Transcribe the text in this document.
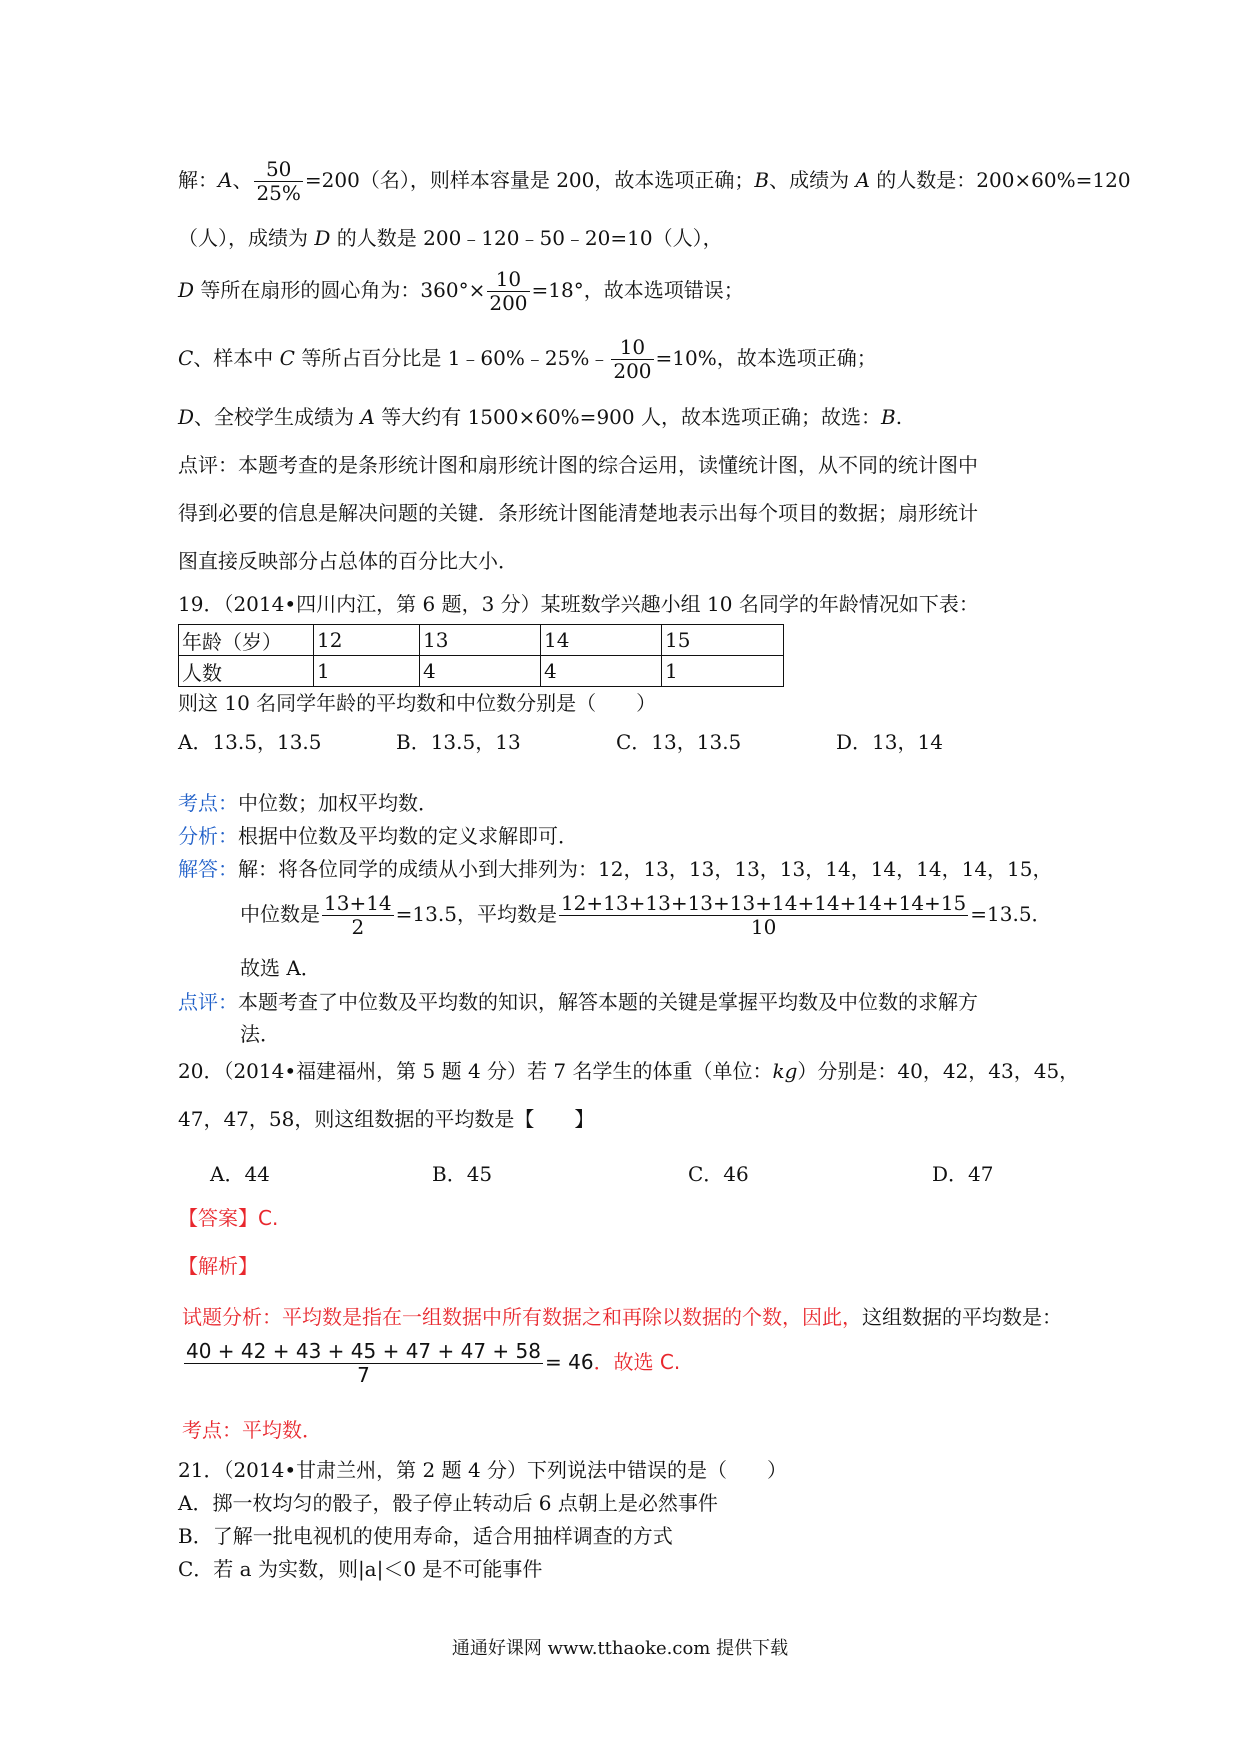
解：A、 $\frac{50}{25\%} =200$（名），则样本容量是 200，故本选项正确；B、成绩为 A 的人数是：200×60%=120
（人），成绩为 D 的人数是 200﹣120﹣50﹣20=10（人），
D 等所在扇形的圆心角为：$360^\circ\times \frac{10}{200} =18^\circ$，故本选项错误；
C、样本中 C 等所占百分比是 1﹣60%﹣25%﹣ $\frac{10}{200} =10\%$，故本选项正确；
D、全校学生成绩为 A 等大约有 1500×60%=900 人，故本选项正确；故选：B.
点评：本题考查的是条形统计图和扇形统计图的综合运用，读懂统计图，从不同的统计图中
得到必要的信息是解决问题的关键．条形统计图能清楚地表示出每个项目的数据；扇形统计
图直接反映部分占总体的百分比大小．
19．（2014•四川内江，第 6 题，3 分）某班数学兴趣小组 10 名同学的年龄情况如下表：
年龄（岁）	12	13	14	15
人数	1	4	4	1
则这 10 名同学年龄的平均数和中位数分别是（　　）
A．13.5，13.5	B．13.5，13	C．13，13.5	D．13，14
考点：中位数；加权平均数．
分析：根据中位数及平均数的定义求解即可．
解答：解：将各位同学的成绩从小到大排列为：12，13，13，13，13，14，14，14，14，15，
中位数是 $\frac{13+14}{2} =13.5$，平均数是 $\frac{12+13+13+13+13+14+14+14+14+15}{10} =13.5$．
故选 A．
点评：本题考查了中位数及平均数的知识，解答本题的关键是掌握平均数及中位数的求解方
法．
20．（2014•福建福州，第 5 题 4 分）若 7 名学生的体重（单位：kg）分别是：40，42，43，45，
47，47，58，则这组数据的平均数是【　　】
A．44	B．45	C．46	D．47
【答案】C.
【解析】
试题分析：平均数是指在一组数据中所有数据之和再除以数据的个数，因此，这组数据的平均数是：
$\frac{40 + 42 + 43 + 45 + 47 + 47 + 58}{7} = 46$．故选 C.
考点：平均数．
21．（2014•甘肃兰州，第 2 题 4 分）下列说法中错误的是（　　）
A．掷一枚均匀的骰子，骰子停止转动后 6 点朝上是必然事件
B．了解一批电视机的使用寿命，适合用抽样调查的方式
C．若 a 为实数，则|a|＜0 是不可能事件
通通好课网 www.tthaoke.com 提供下载
